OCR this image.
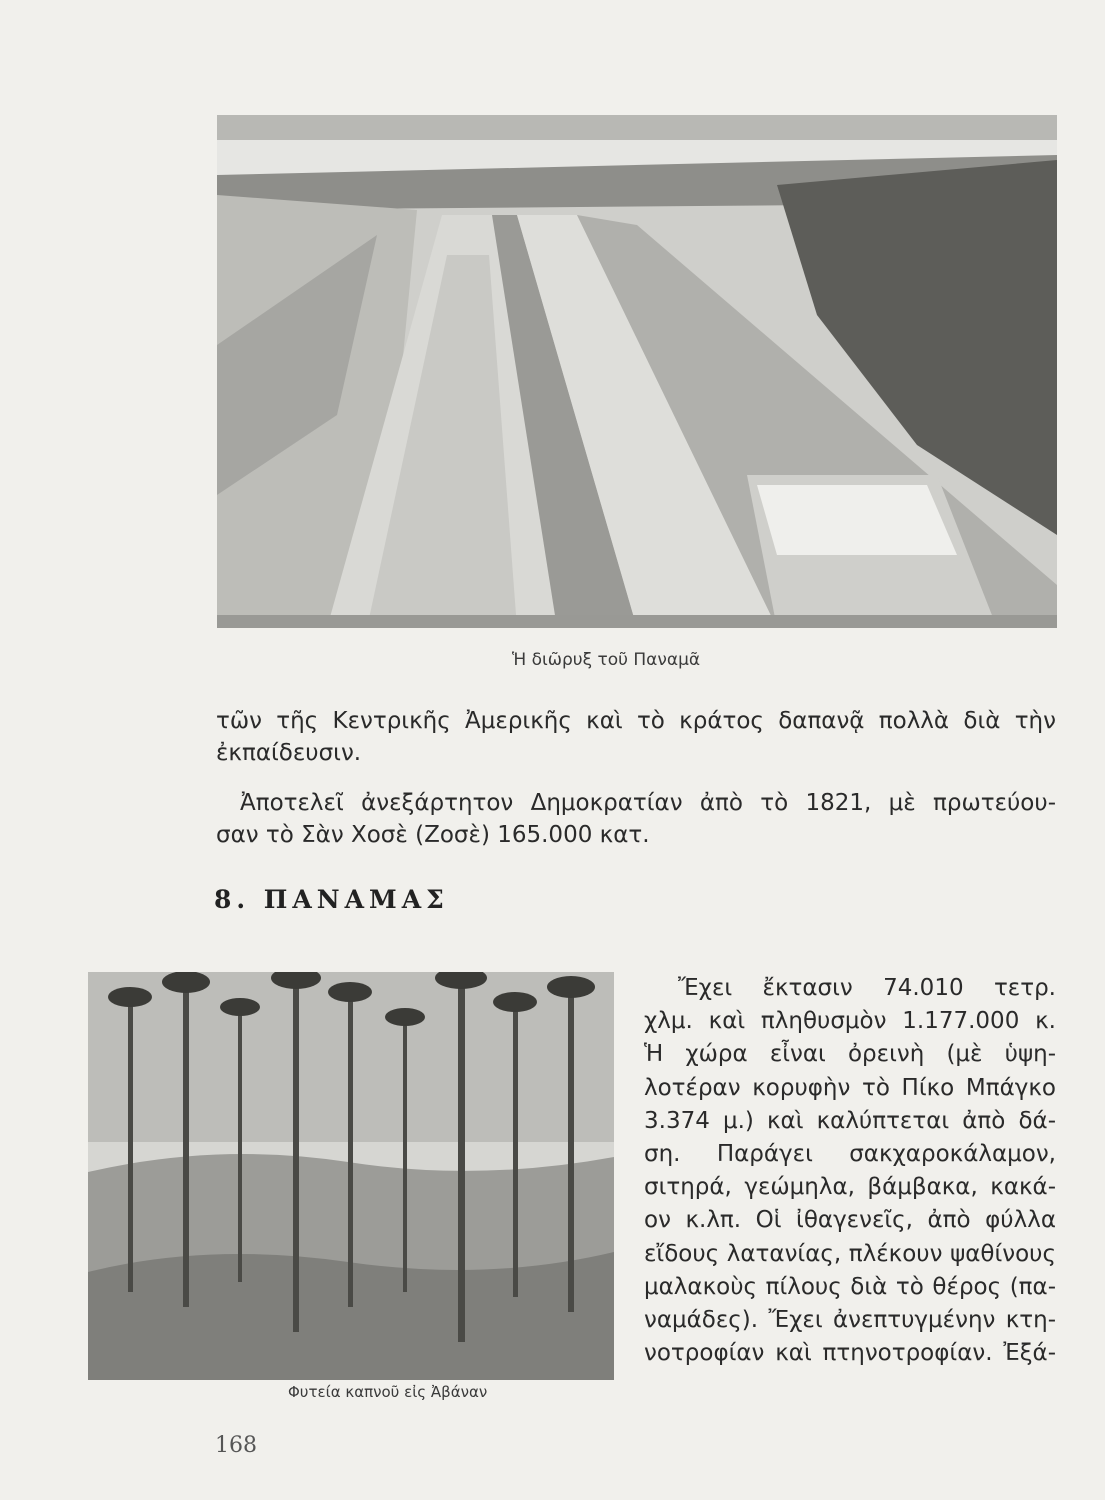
Ἡ διῶρυξ τοῦ Παναμᾶ
τῶν τῆς Κεντρικῆς Ἀμερικῆς καὶ τὸ κράτος δαπανᾷ πολλὰ διὰ τὴν
ἐκπαίδευσιν.
Ἀποτελεῖ ἀνεξάρτητον Δημοκρατίαν ἀπὸ τὸ 1821, μὲ πρωτεύου-
σαν τὸ Σὰν Χοσὲ (Ζοσὲ) 165.000 κατ.
8. ΠΑΝΑΜΑΣ
Φυτεία καπνοῦ εἰς Ἀβάναν
Ἔχει ἔκτασιν 74.010 τετρ.
χλμ. καὶ πληθυσμὸν 1.177.000 κ.
Ἡ χώρα εἶναι ὀρεινὴ (μὲ ὑψη-
λοτέραν κορυφὴν τὸ Πίκο Μπάγκο
3.374 μ.) καὶ καλύπτεται ἀπὸ δά-
ση. Παράγει σακχαροκάλαμον,
σιτηρά, γεώμηλα, βάμβακα, κακά-
ον κ.λπ. Οἱ ἰθαγενεῖς, ἀπὸ φύλλα
εἴδους λατανίας, πλέκουν ψαθίνους
μαλακοὺς πίλους διὰ τὸ θέρος (πα-
ναμάδες). Ἔχει ἀνεπτυγμένην κτη-
νοτροφίαν καὶ πτηνοτροφίαν. Ἐξά-
168
